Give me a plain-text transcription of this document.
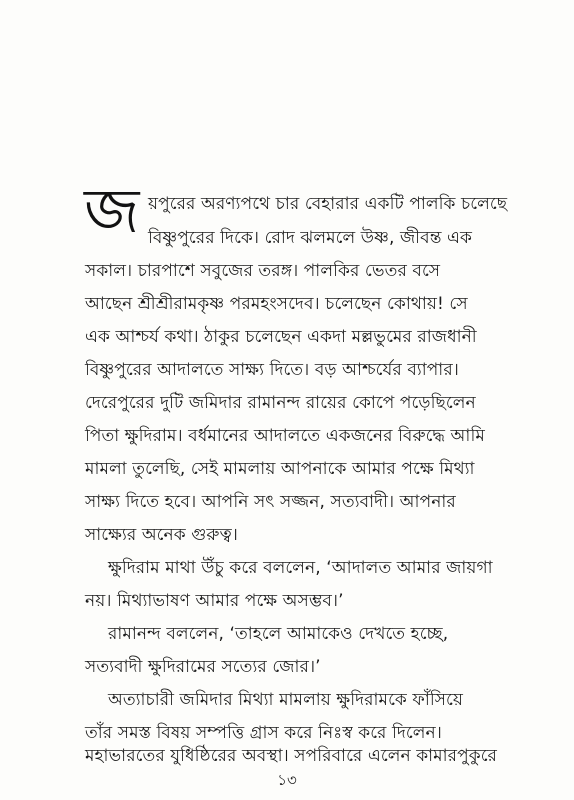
জ য়পুরের অরণ্যপথে চার বেহারার একটি পালকি চলেছে
বিষ্ণুপুরের দিকে। রোদ ঝলমলে উষ্ণ, জীবন্ত এক
সকাল। চারপাশে সবুজের তরঙ্গ। পালকির ভেতর বসে
আছেন শ্রীশ্রীরামকৃষ্ণ পরমহংসদেব। চলেছেন কোথায়! সে
এক আশ্চর্য কথা। ঠাকুর চলেছেন একদা মল্লভুমের রাজধানী
বিষ্ণুপুরের আদালতে সাক্ষ্য দিতে। বড় আশ্চর্যের ব্যাপার।
দেরেপুরের দুটি জমিদার রামানন্দ রায়ের কোপে পড়েছিলেন
পিতা ক্ষুদিরাম। বর্ধমানের আদালতে একজনের বিরুদ্ধে আমি
মামলা তুলেছি, সেই মামলায় আপনাকে আমার পক্ষে মিথ্যা
সাক্ষ্য দিতে হবে। আপনি সৎ সজ্জন, সত্যবাদী। আপনার
সাক্ষ্যের অনেক গুরুত্ব।
ক্ষুদিরাম মাথা উঁচু করে বললেন, ‘আদালত আমার জায়গা
নয়। মিথ্যাভাষণ আমার পক্ষে অসম্ভব।’
রামানন্দ বললেন, ‘তাহলে আমাকেও দেখতে হচ্ছে,
সত্যবাদী ক্ষুদিরামের সত্যের জোর।’
অত্যাচারী জমিদার মিথ্যা মামলায় ক্ষুদিরামকে ফাঁসিয়ে
তাঁর সমস্ত বিষয় সম্পত্তি গ্রাস করে নিঃস্ব করে দিলেন।
মহাভারতের যুধিষ্ঠিরের অবস্থা। সপরিবারে এলেন কামারপুকুরে
১৩
